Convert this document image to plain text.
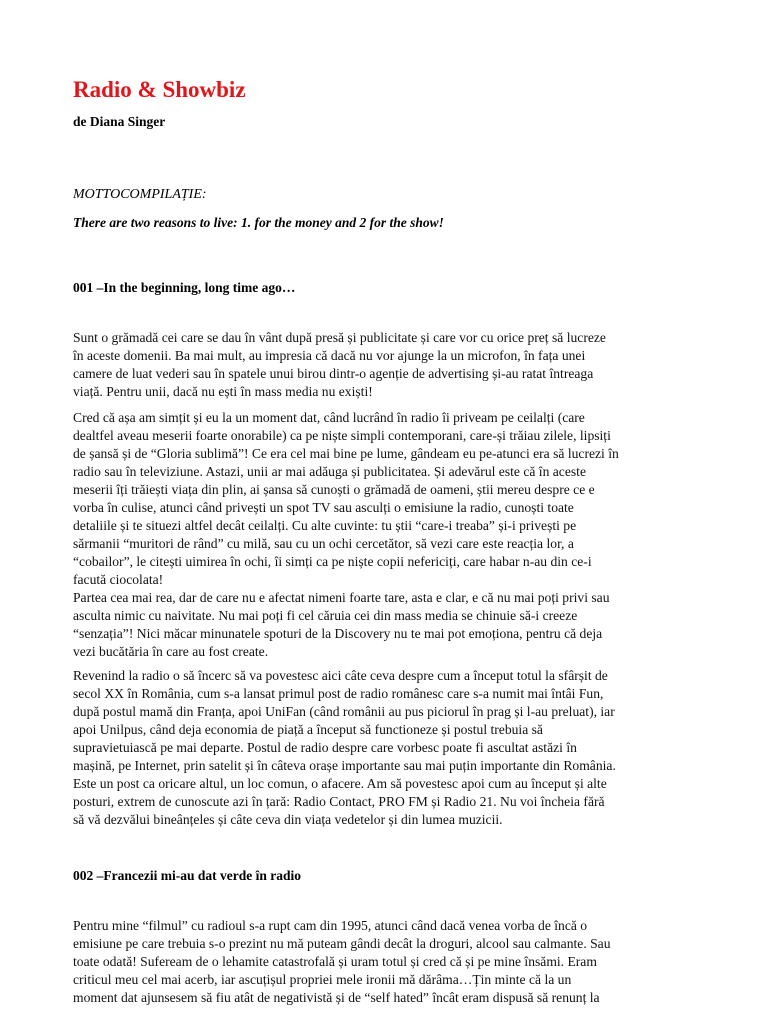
Radio & Showbiz

de Diana Singer

MOTTOCOMPILAȚIE:

There are two reasons to live: 1. for the money and 2 for the show!

001 –In the beginning, long time ago…
Sunt o grămadă cei care se dau în vânt după presă și publicitate și care vor cu orice preț să lucreze
în aceste domenii. Ba mai mult, au impresia că dacă nu vor ajunge la un microfon, în fața unei
camere de luat vederi sau în spatele unui birou dintr-o agenție de advertising și-au ratat întreaga
viață. Pentru unii, dacă nu ești în mass media nu exiști!
Cred că așa am simțit și eu la un moment dat, când lucrând în radio îi priveam pe ceilalți (care
dealtfel aveau meserii foarte onorabile) ca pe niște simpli contemporani, care-și trăiau zilele, lipsiți
de șansă și de “Gloria sublimă”! Ce era cel mai bine pe lume, gândeam eu pe-atunci era să lucrezi în
radio sau în televiziune. Astazi, unii ar mai adăuga și publicitatea. Și adevărul este că în aceste
meserii îți trăiești viața din plin, ai șansa să cunoști o grămadă de oameni, știi mereu despre ce e
vorba în culise, atunci când privești un spot TV sau asculți o emisiune la radio, cunoști toate
detaliile și te situezi altfel decât ceilalți. Cu alte cuvinte: tu știi “care-i treaba” și-i privești pe
sărmanii “muritori de rând” cu milă, sau cu un ochi cercetător, să vezi care este reacția lor, a
“cobailor”, le citești uimirea în ochi, îi simți ca pe niște copii nefericiți, care habar n-au din ce-i
facută ciocolata!
Partea cea mai rea, dar de care nu e afectat nimeni foarte tare, asta e clar, e că nu mai poți privi sau
asculta nimic cu naivitate. Nu mai poți fi cel căruia cei din mass media se chinuie să-i creeze
“senzația”! Nici măcar minunatele spoturi de la Discovery nu te mai pot emoționa, pentru că deja
vezi bucătăria în care au fost create.
Revenind la radio o să încerc să va povestesc aici câte ceva despre cum a început totul la sfârșit de
secol XX în România, cum s-a lansat primul post de radio românesc care s-a numit mai întâi Fun,
după postul mamă din Franța, apoi UniFan (când românii au pus piciorul în prag și l-au preluat), iar
apoi Unilpus, când deja economia de piață a început să functioneze și postul trebuia să
supravietuiască pe mai departe. Postul de radio despre care vorbesc poate fi ascultat astăzi în
mașină, pe Internet, prin satelit și în câteva orașe importante sau mai puțin importante din România.
Este un post ca oricare altul, un loc comun, o afacere. Am să povestesc apoi cum au început și alte
posturi, extrem de cunoscute azi în țară: Radio Contact, PRO FM și Radio 21. Nu voi încheia fără
să vă dezvălui bineânțeles și câte ceva din viața vedetelor și din lumea muzicii.
002 –Francezii mi-au dat verde în radio
Pentru mine “filmul” cu radioul s-a rupt cam din 1995, atunci când dacă venea vorba de încă o
emisiune pe care trebuia s-o prezint nu mă puteam gândi decât la droguri, alcool sau calmante. Sau
toate odată! Sufeream de o lehamite catastrofală și uram totul și cred că și pe mine însămi. Eram
criticul meu cel mai acerb, iar ascuțișul propriei mele ironii mă dărâma…Țin minte că la un
moment dat ajunsesem să fiu atât de negativistă și de “self hated” încât eram dispusă să renunț la
